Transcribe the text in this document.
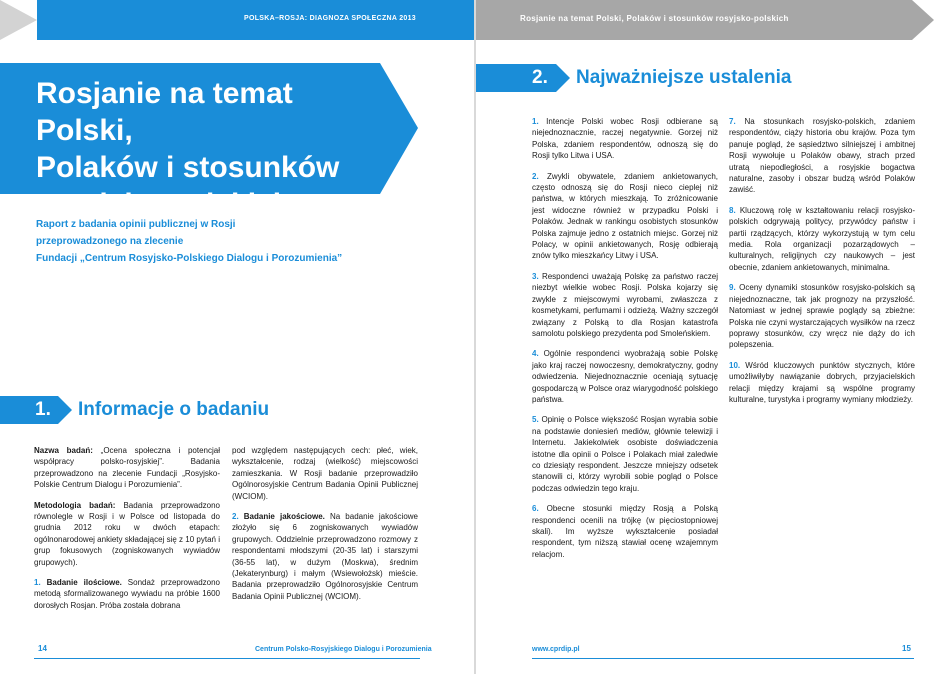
POLSKA–ROSJA: DIAGNOZA SPOŁECZNA 2013
Rosjanie na temat Polski,
Polaków i stosunków
rosyjsko-polskich
Raport z badania opinii publicznej w Rosji
przeprowadzonego na zlecenie
Fundacji „Centrum Rosyjsko-Polskiego Dialogu i Porozumienia”
1. Informacje o badaniu

Nazwa badań: „Ocena społeczna i potencjał współpracy polsko-rosyjskiej”. Badania przeprowadzono na zlecenie Fundacji „Rosyjsko-Polskie Centrum Dialogu i Porozumienia”.

Metodologia badań: Badania przeprowadzono równolegle w Rosji i w Polsce od listopada do grudnia 2012 roku w dwóch etapach: ogólnonarodowej ankiety składającej się z 10 pytań i grup fokusowych (zogniskowanych wywiadów grupowych).

1. Badanie ilościowe. Sondaż przeprowadzono metodą sformalizowanego wywiadu na próbie 1600 dorosłych Rosjan. Próba została dobrana

pod względem następujących cech: płeć, wiek, wykształcenie, rodzaj (wielkość) miejscowości zamieszkania. W Rosji badanie przeprowadziło Ogólnorosyjskie Centrum Badania Opinii Publicznej (WCIOM).

2. Badanie jakościowe. Na badanie jakościowe złożyło się 6 zogniskowanych wywiadów grupowych. Oddzielnie przeprowadzono rozmowy z respondentami młodszymi (20-35 lat) i starszymi (36-55 lat), w dużym (Moskwa), średnim (Jekaterynburg) i małym (Wsiewołożsk) mieście. Badania przeprowadziło Ogólnorosyjskie Centrum Badania Opinii Publicznej (WCIOM).

14	Centrum Polsko-Rosyjskiego Dialogu i Porozumienia
Rosjanie na temat Polski, Polaków i stosunków rosyjsko-polskich
2. Najważniejsze ustalenia

1. Intencje Polski wobec Rosji odbierane są niejednoznacznie, raczej negatywnie. Gorzej niż Polska, zdaniem respondentów, odnoszą się do Rosji tylko Litwa i USA.

2. Zwykli obywatele, zdaniem ankietowanych, często odnoszą się do Rosji nieco cieplej niż państwa, w których mieszkają. To zróżnicowanie jest widoczne również w przypadku Polski i Polaków. Jednak w rankingu osobistych stosunków Polska zajmuje jedno z ostatnich miejsc. Gorzej niż Polacy, w opinii ankietowanych, Rosję odbierają znów tylko mieszkańcy Litwy i USA.

3. Respondenci uważają Polskę za państwo raczej niezbyt wielkie wobec Rosji. Polska kojarzy się zwykle z miejscowymi wyrobami, zwłaszcza z kosmetykami, perfumami i odzieżą. Ważny szczegół związany z Polską to dla Rosjan katastrofa samolotu polskiego prezydenta pod Smoleńskiem.

4. Ogólnie respondenci wyobrażają sobie Polskę jako kraj raczej nowoczesny, demokratyczny, godny odwiedzenia. Niejednoznacznie oceniają sytuację gospodarczą w Polsce oraz wiarygodność polskiego państwa.

5. Opinię o Polsce większość Rosjan wyrabia sobie na podstawie doniesień mediów, głównie telewizji i Internetu. Jakiekolwiek osobiste doświadczenia istotne dla opinii o Polsce i Polakach miał zaledwie co dziesiąty respondent. Jeszcze mniejszy odsetek stanowili ci, którzy wyrobili sobie pogląd o Polsce podczas odwiedzin tego kraju.

6. Obecne stosunki między Rosją a Polską respondenci ocenili na trójkę (w pięciostopniowej skali). Im wyższe wykształcenie posiadał respondent, tym niższą stawiał ocenę wzajemnym relacjom.

7. Na stosunkach rosyjsko-polskich, zdaniem respondentów, ciąży historia obu krajów. Poza tym panuje pogląd, że sąsiedztwo silniejszej i ambitnej Rosji wywołuje u Polaków obawy, strach przed utratą niepodległości, a rosyjskie bogactwa naturalne, zasoby i obszar budzą wśród Polaków zawiść.

8. Kluczową rolę w kształtowaniu relacji rosyjsko-polskich odgrywają politycy, przywódcy państw i partii rządzących, którzy wykorzystują w tym celu media. Rola organizacji pozarządowych – kulturalnych, religijnych czy naukowych – jest obecnie, zdaniem ankietowanych, minimalna.

9. Oceny dynamiki stosunków rosyjsko-polskich są niejednoznaczne, tak jak prognozy na przyszłość. Natomiast w jednej sprawie poglądy są zbieżne: Polska nie czyni wystarczających wysiłków na rzecz poprawy stosunków, czy wręcz nie dąży do ich polepszenia.

10. Wśród kluczowych punktów stycznych, które umożliwiłyby nawiązanie dobrych, przyjacielskich relacji między krajami są wspólne programy kulturalne, turystyka i programy wymiany młodzieży.

www.cprdip.pl	15
